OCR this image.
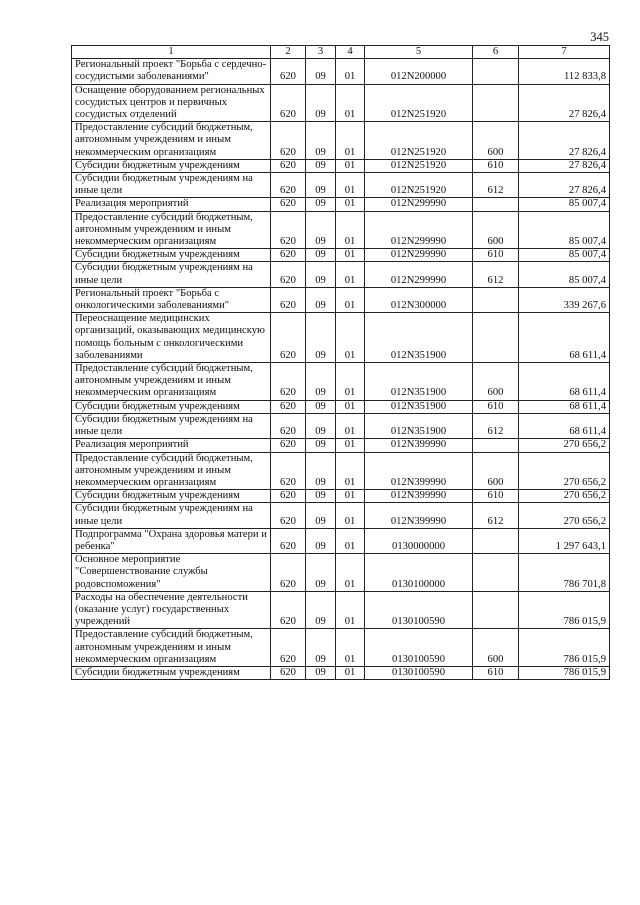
345
1	2	3	4	5	6	7
Региональный проект "Борьба с сердечно-сосудистыми заболеваниями"	620	09	01	012N200000		112 833,8
Оснащение оборудованием региональных сосудистых центров и первичных сосудистых отделений	620	09	01	012N251920		27 826,4
Предоставление субсидий бюджетным, автономным учреждениям и иным некоммерческим организациям	620	09	01	012N251920	600	27 826,4
Субсидии бюджетным учреждениям	620	09	01	012N251920	610	27 826,4
Субсидии бюджетным учреждениям на иные цели	620	09	01	012N251920	612	27 826,4
Реализация мероприятий	620	09	01	012N299990		85 007,4
Предоставление субсидий бюджетным, автономным учреждениям и иным некоммерческим организациям	620	09	01	012N299990	600	85 007,4
Субсидии бюджетным учреждениям	620	09	01	012N299990	610	85 007,4
Субсидии бюджетным учреждениям на иные цели	620	09	01	012N299990	612	85 007,4
Региональный проект "Борьба с онкологическими заболеваниями"	620	09	01	012N300000		339 267,6
Переоснащение медицинских организаций, оказывающих медицинскую помощь больным с онкологическими заболеваниями	620	09	01	012N351900		68 611,4
Предоставление субсидий бюджетным, автономным учреждениям и иным некоммерческим организациям	620	09	01	012N351900	600	68 611,4
Субсидии бюджетным учреждениям	620	09	01	012N351900	610	68 611,4
Субсидии бюджетным учреждениям на иные цели	620	09	01	012N351900	612	68 611,4
Реализация мероприятий	620	09	01	012N399990		270 656,2
Предоставление субсидий бюджетным, автономным учреждениям и иным некоммерческим организациям	620	09	01	012N399990	600	270 656,2
Субсидии бюджетным учреждениям	620	09	01	012N399990	610	270 656,2
Субсидии бюджетным учреждениям на иные цели	620	09	01	012N399990	612	270 656,2
Подпрограмма "Охрана здоровья матери и ребенка"	620	09	01	0130000000		1 297 643,1
Основное мероприятие "Совершенствование службы родовспоможения"	620	09	01	0130100000		786 701,8
Расходы на обеспечение деятельности (оказание услуг) государственных учреждений	620	09	01	0130100590		786 015,9
Предоставление субсидий бюджетным, автономным учреждениям и иным некоммерческим организациям	620	09	01	0130100590	600	786 015,9
Субсидии бюджетным учреждениям	620	09	01	0130100590	610	786 015,9
